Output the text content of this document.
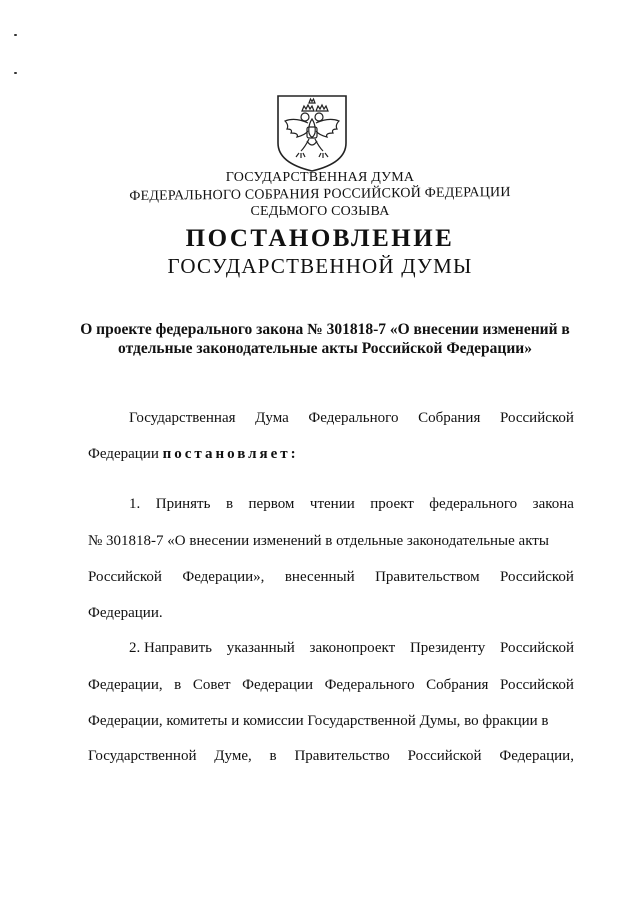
ГОСУДАРСТВЕННАЯ ДУМА
ФЕДЕРАЛЬНОГО СОБРАНИЯ РОССИЙСКОЙ ФЕДЕРАЦИИ
СЕДЬМОГО СОЗЫВА
ПОСТАНОВЛЕНИЕ
ГОСУДАРСТВЕННОЙ ДУМЫ
О проекте федерального закона № 301818-7 «О внесении изменений в
отдельные законодательные акты Российской Федерации»
Государственная Дума Федерального Собрания Российской
Федерации постановляет:
1. Принять в первом чтении проект федерального закона
№ 301818-7 «О внесении изменений в отдельные законодательные акты
Российской Федерации», внесенный Правительством Российской
Федерации.
2. Направить указанный законопроект Президенту Российской
Федерации, в Совет Федерации Федерального Собрания Российской
Федерации, комитеты и комиссии Государственной Думы, во фракции в
Государственной Думе, в Правительство Российской Федерации,
